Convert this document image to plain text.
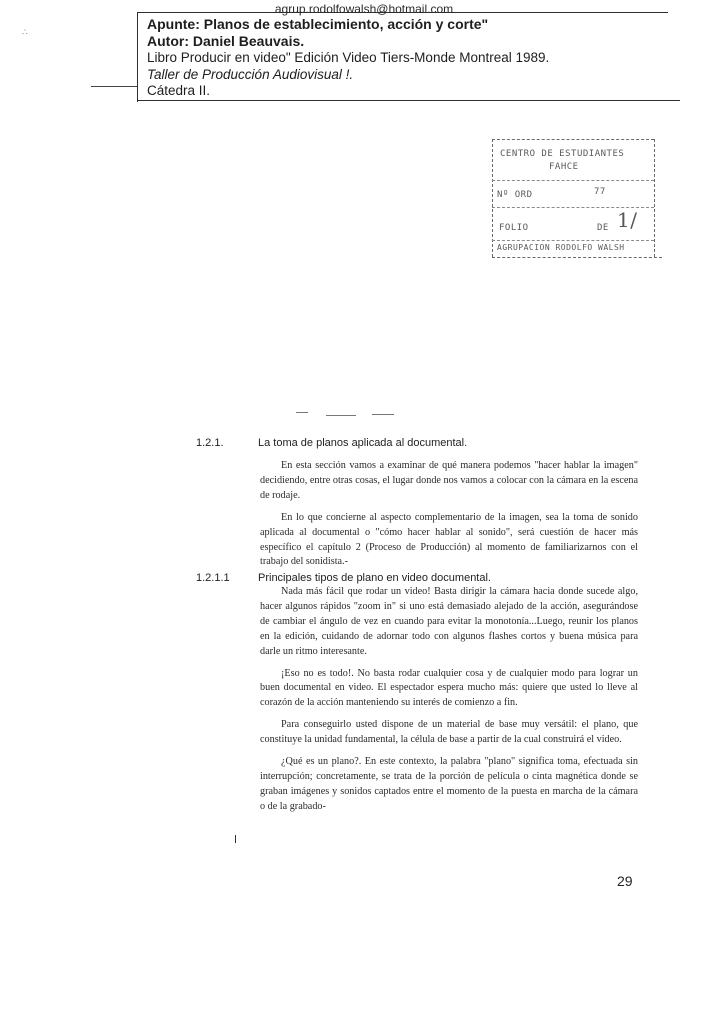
agrup.rodolfowalsh@hotmail.com
Apunte: Planos de establecimiento, acción y corte"
Autor: Daniel Beauvais.
Libro Producir en video" Edición Video Tiers-Monde Montreal 1989.
Taller de Producción Audiovisual !.
Cátedra II.
∴
CENTRO DE ESTUDIANTES
FAHCE
Nº ORD	77
FOLIO	DE 1/
AGRUPACION RODOLFO WALSH
1.2.1.	La toma de planos aplicada al documental.

En esta sección vamos a examinar de qué manera podemos "hacer hablar la imagen" decidiendo, entre otras cosas, el lugar donde nos vamos a colocar con la cámara en la escena de rodaje.

En lo que concierne al aspecto complementario de la imagen, sea la toma de sonido aplicada al documental o "cómo hacer hablar al sonido", será cuestión de hacer más específico el capítulo 2 (Proceso de Producción) al momento de familiarizarnos con el trabajo del sonidista.-

1.2.1.1	Principales tipos de plano en video documental.

Nada más fácil que rodar un video! Basta dirigir la cámara hacia donde sucede algo, hacer algunos rápidos "zoom in" si uno está demasiado alejado de la acción, asegurándose de cambiar el ángulo de vez en cuando para evitar la monotonía...Luego, reunir los planos en la edición, cuidando de adornar todo con algunos flashes cortos y buena música para darle un ritmo interesante.

¡Eso no es todo!. No basta rodar cualquier cosa y de cualquier modo para lograr un buen documental en video. El espectador espera mucho más: quiere que usted lo lleve al corazón de la acción manteniendo su interés de comienzo a fin.

Para conseguirlo usted dispone de un material de base muy versátil: el plano, que constituye la unidad fundamental, la célula de base a partir de la cual construirá el video.

¿Qué es un plano?. En este contexto, la palabra "plano" significa toma, efectuada sin interrupción; concretamente, se trata de la porción de película o cinta magnética donde se graban imágenes y sonidos captados entre el momento de la puesta en marcha de la cámara o de la grabado-

29
